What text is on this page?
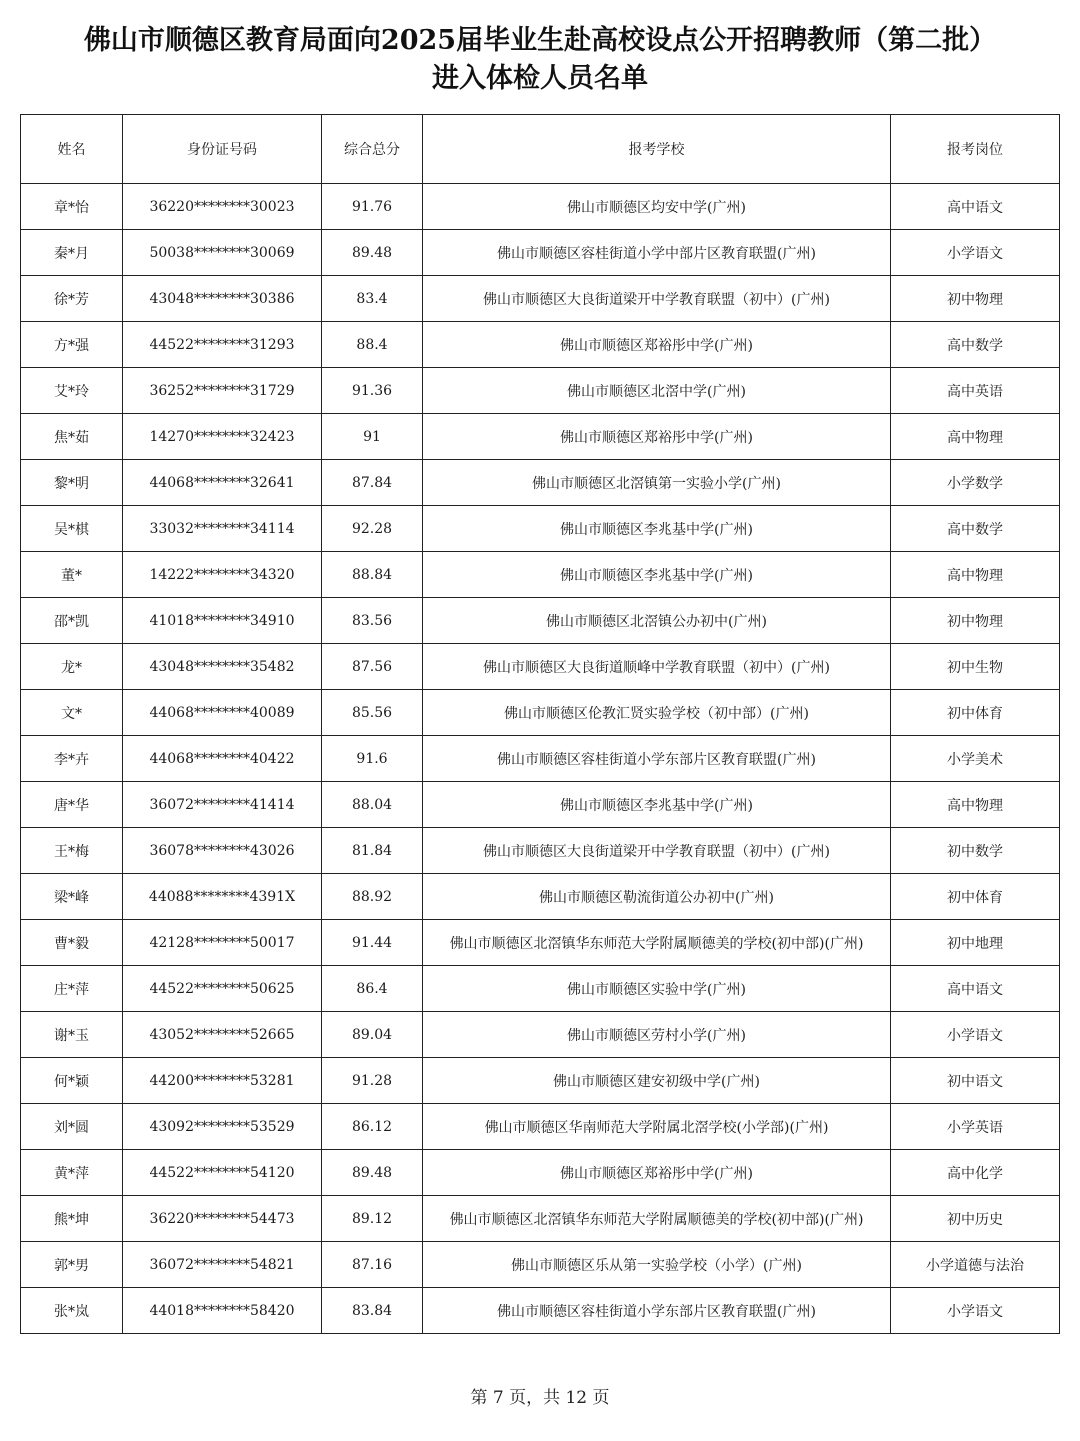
佛山市顺德区教育局面向2025届毕业生赴高校设点公开招聘教师（第二批）
进入体检人员名单
姓名	身份证号码	综合总分	报考学校	报考岗位
章*怡	36220********30023	91.76	佛山市顺德区均安中学(广州)	高中语文
秦*月	50038********30069	89.48	佛山市顺德区容桂街道小学中部片区教育联盟(广州)	小学语文
徐*芳	43048********30386	83.4	佛山市顺德区大良街道梁开中学教育联盟（初中）(广州)	初中物理
方*强	44522********31293	88.4	佛山市顺德区郑裕彤中学(广州)	高中数学
艾*玲	36252********31729	91.36	佛山市顺德区北滘中学(广州)	高中英语
焦*茹	14270********32423	91	佛山市顺德区郑裕彤中学(广州)	高中物理
黎*明	44068********32641	87.84	佛山市顺德区北滘镇第一实验小学(广州)	小学数学
吴*棋	33032********34114	92.28	佛山市顺德区李兆基中学(广州)	高中数学
董*	14222********34320	88.84	佛山市顺德区李兆基中学(广州)	高中物理
邵*凯	41018********34910	83.56	佛山市顺德区北滘镇公办初中(广州)	初中物理
龙*	43048********35482	87.56	佛山市顺德区大良街道顺峰中学教育联盟（初中）(广州)	初中生物
文*	44068********40089	85.56	佛山市顺德区伦教汇贤实验学校（初中部）(广州)	初中体育
李*卉	44068********40422	91.6	佛山市顺德区容桂街道小学东部片区教育联盟(广州)	小学美术
唐*华	36072********41414	88.04	佛山市顺德区李兆基中学(广州)	高中物理
王*梅	36078********43026	81.84	佛山市顺德区大良街道梁开中学教育联盟（初中）(广州)	初中数学
梁*峰	44088********4391X	88.92	佛山市顺德区勒流街道公办初中(广州)	初中体育
曹*毅	42128********50017	91.44	佛山市顺德区北滘镇华东师范大学附属顺德美的学校(初中部)(广州)	初中地理
庄*萍	44522********50625	86.4	佛山市顺德区实验中学(广州)	高中语文
谢*玉	43052********52665	89.04	佛山市顺德区劳村小学(广州)	小学语文
何*颖	44200********53281	91.28	佛山市顺德区建安初级中学(广州)	初中语文
刘*圆	43092********53529	86.12	佛山市顺德区华南师范大学附属北滘学校(小学部)(广州)	小学英语
黄*萍	44522********54120	89.48	佛山市顺德区郑裕彤中学(广州)	高中化学
熊*坤	36220********54473	89.12	佛山市顺德区北滘镇华东师范大学附属顺德美的学校(初中部)(广州)	初中历史
郭*男	36072********54821	87.16	佛山市顺德区乐从第一实验学校（小学）(广州)	小学道德与法治
张*岚	44018********58420	83.84	佛山市顺德区容桂街道小学东部片区教育联盟(广州)	小学语文
第 7 页，共 12 页
